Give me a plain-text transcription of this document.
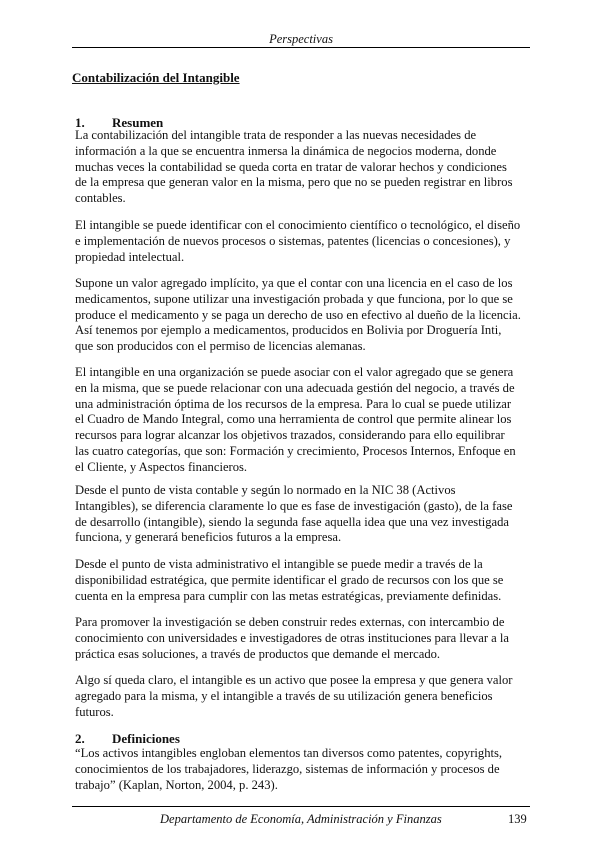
Perspectivas
Contabilización del Intangible
1. Resumen
La contabilización del intangible trata de responder a las nuevas necesidades de
información a la que se encuentra inmersa la dinámica de negocios moderna, donde
muchas veces la contabilidad se queda corta en tratar de valorar hechos y condiciones
de la empresa que generan valor en la misma, pero que no se pueden registrar en libros
contables.
El intangible se puede identificar con el conocimiento científico o tecnológico, el diseño
e implementación de nuevos procesos o sistemas, patentes (licencias o concesiones), y
propiedad intelectual.
Supone un valor agregado implícito, ya que el contar con una licencia en el caso de los
medicamentos, supone utilizar una investigación probada y que funciona, por lo que se
produce el medicamento y se paga un derecho de uso en efectivo al dueño de la licencia.
Así tenemos por ejemplo a medicamentos, producidos en Bolivia por Droguería Inti,
que son producidos con el permiso de licencias alemanas.
El intangible en una organización se puede asociar con el valor agregado que se genera
en la misma, que se puede relacionar con una adecuada gestión del negocio, a través de
una administración óptima de los recursos de la empresa. Para lo cual se puede utilizar
el Cuadro de Mando Integral, como una herramienta de control que permite alinear los
recursos para lograr alcanzar los objetivos trazados, considerando para ello equilibrar
las cuatro categorías, que son: Formación y crecimiento, Procesos Internos, Enfoque en
el Cliente, y Aspectos financieros.
Desde el punto de vista contable y según lo normado en la NIC 38 (Activos
Intangibles), se diferencia claramente lo que es fase de investigación (gasto), de la fase
de desarrollo (intangible), siendo la segunda fase aquella idea que una vez investigada
funciona, y generará beneficios futuros a la empresa.
Desde el punto de vista administrativo el intangible se puede medir a través de la
disponibilidad estratégica, que permite identificar el grado de recursos con los que se
cuenta en la empresa para cumplir con las metas estratégicas, previamente definidas.
Para promover la investigación se deben construir redes externas, con intercambio de
conocimiento con universidades e investigadores de otras instituciones para llevar a la
práctica esas soluciones, a través de productos que demande el mercado.
Algo sí queda claro, el intangible es un activo que posee la empresa y que genera valor
agregado para la misma, y el intangible a través de su utilización genera beneficios
futuros.
2. Definiciones
“Los activos intangibles engloban elementos tan diversos como patentes, copyrights,
conocimientos de los trabajadores, liderazgo, sistemas de información y procesos de
trabajo” (Kaplan, Norton, 2004, p. 243).
Departamento de Economía, Administración y Finanzas	139
